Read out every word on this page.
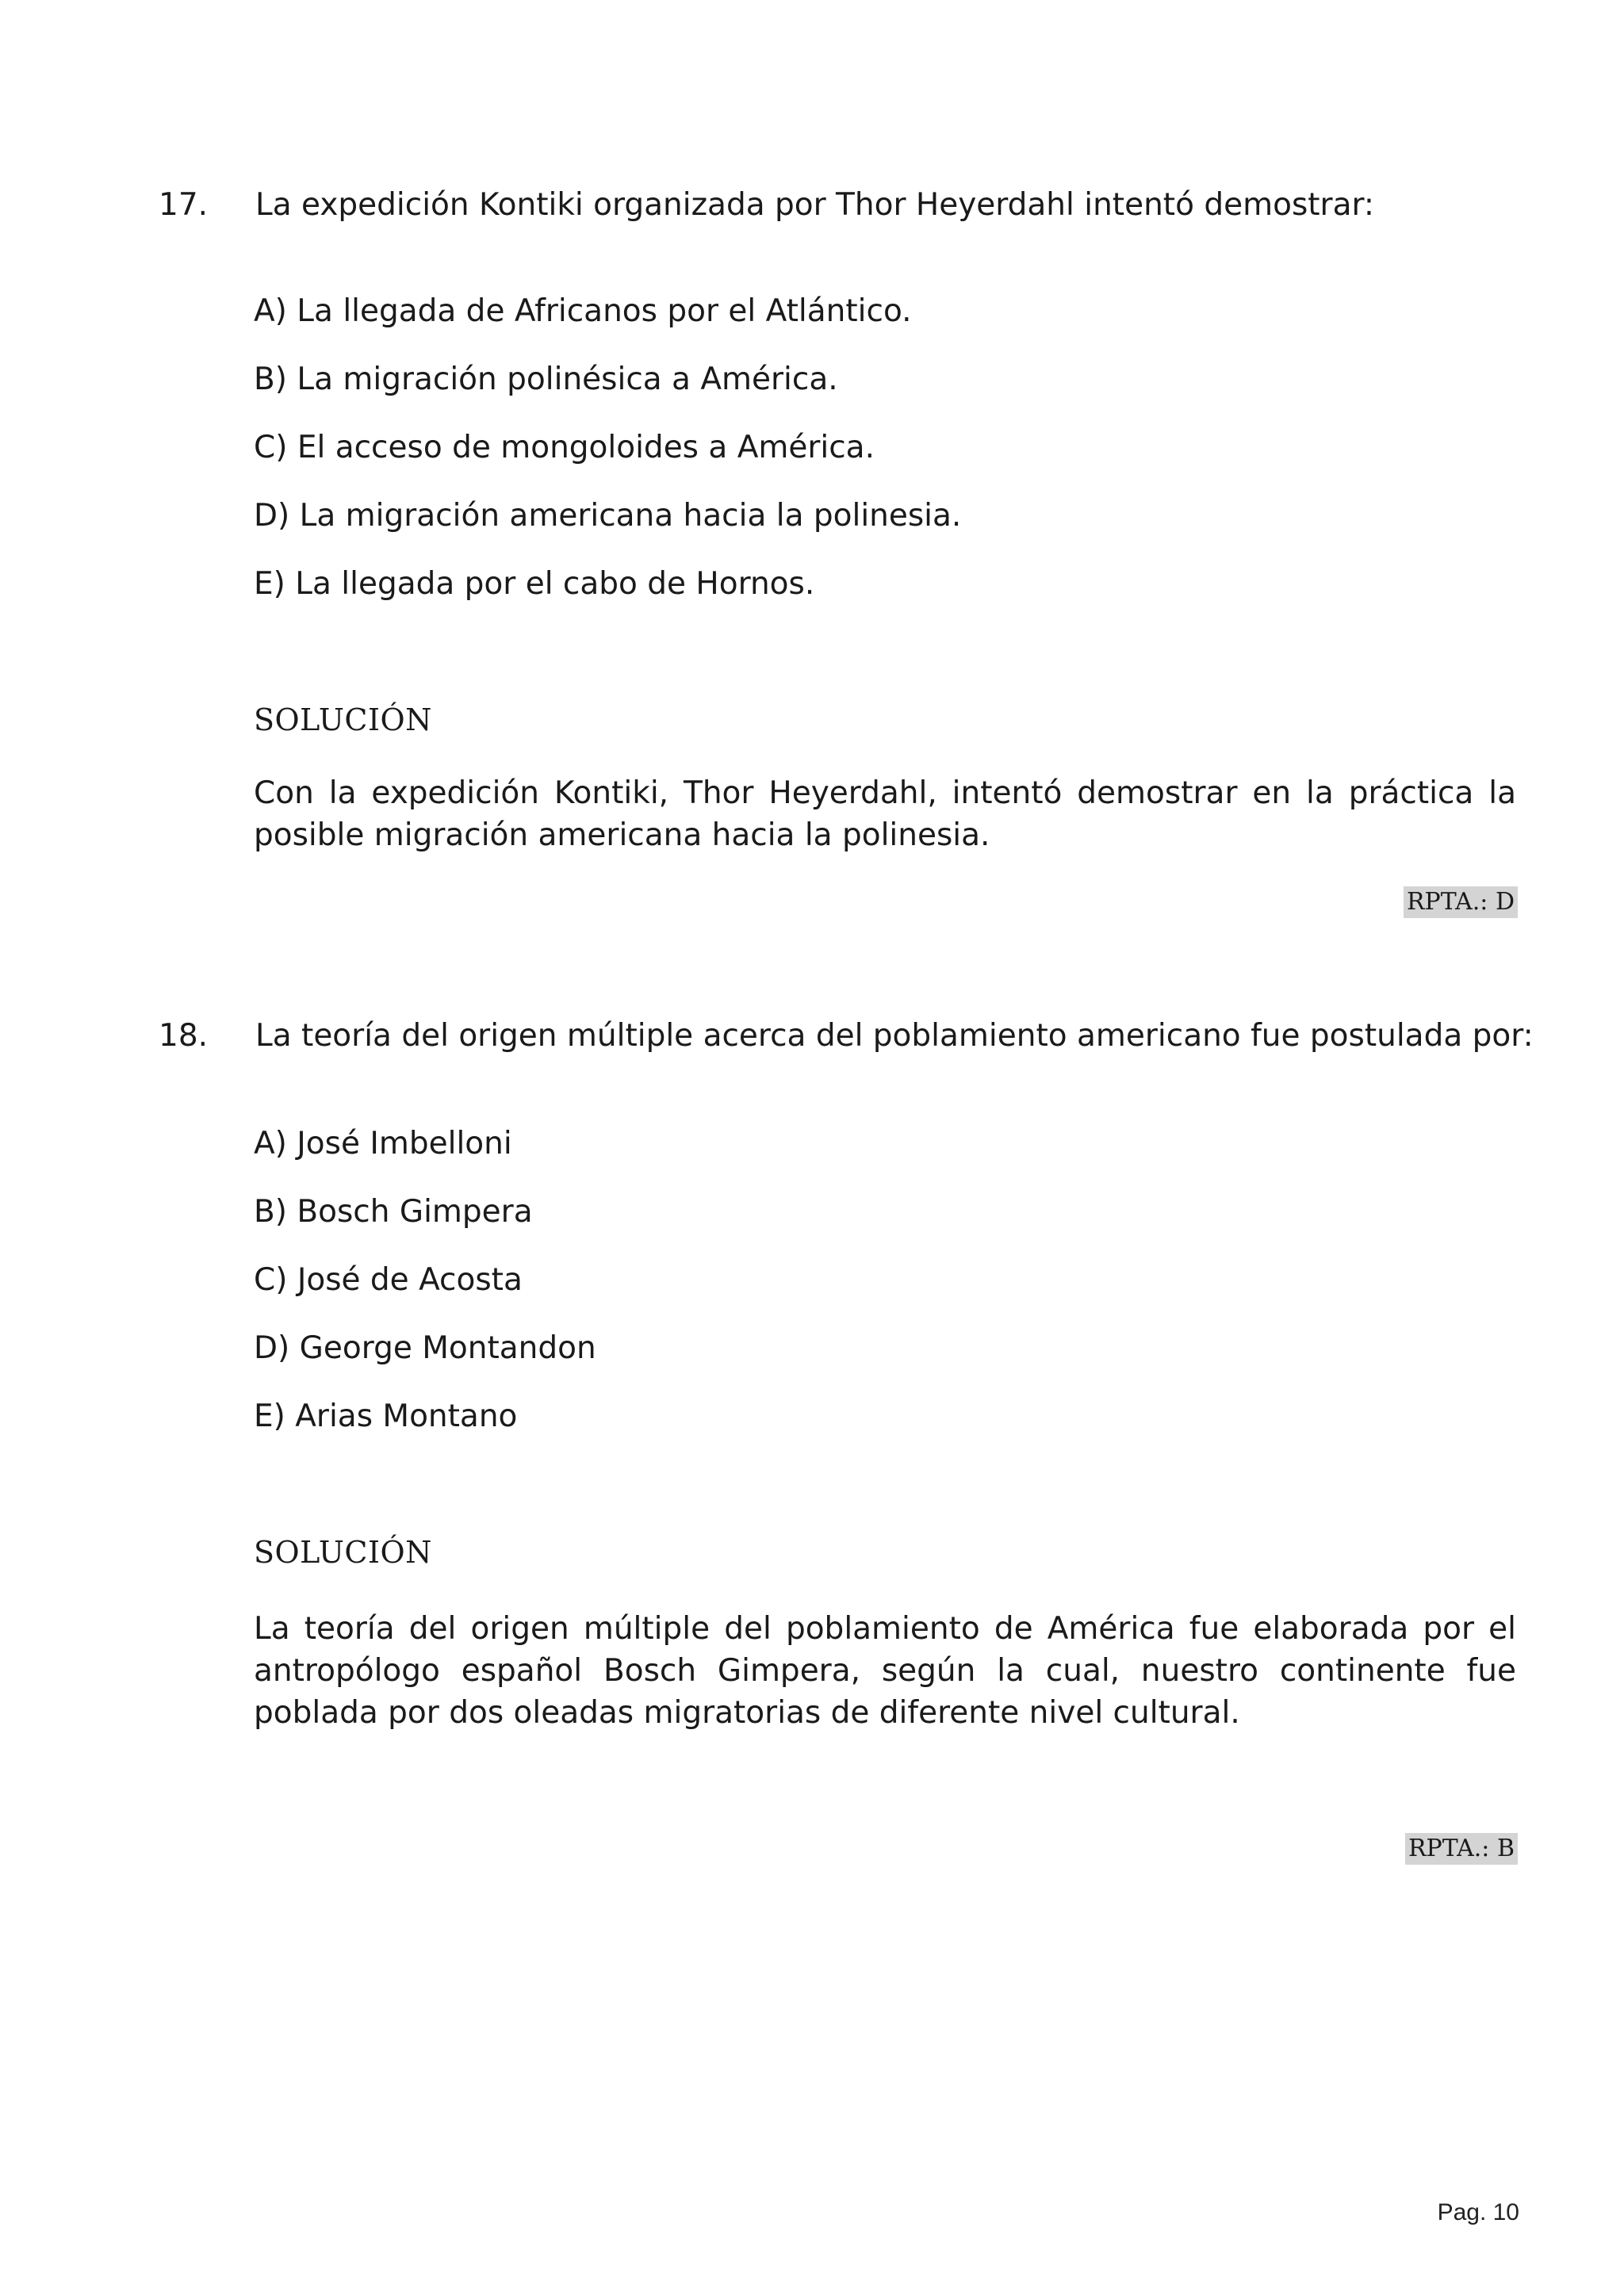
17. La expedición Kontiki organizada por Thor Heyerdahl intentó demostrar:
A) La llegada de Africanos por el Atlántico.
B) La migración polinésica a América.
C) El acceso de mongoloides a América.
D) La migración americana hacia la polinesia.
E) La llegada por el cabo de Hornos.
SOLUCIÓN
Con la expedición Kontiki, Thor Heyerdahl, intentó demostrar en la práctica la posible migración americana hacia la polinesia.
RPTA.: D
18. La teoría del origen múltiple acerca del poblamiento americano fue postulada por:
A) José Imbelloni
B) Bosch Gimpera
C) José de Acosta
D) George Montandon
E) Arias Montano
SOLUCIÓN
La teoría del origen múltiple del poblamiento de América fue elaborada por el antropólogo español Bosch Gimpera, según la cual, nuestro continente fue poblada por dos oleadas migratorias de diferente nivel cultural.
RPTA.: B
Pag. 10
